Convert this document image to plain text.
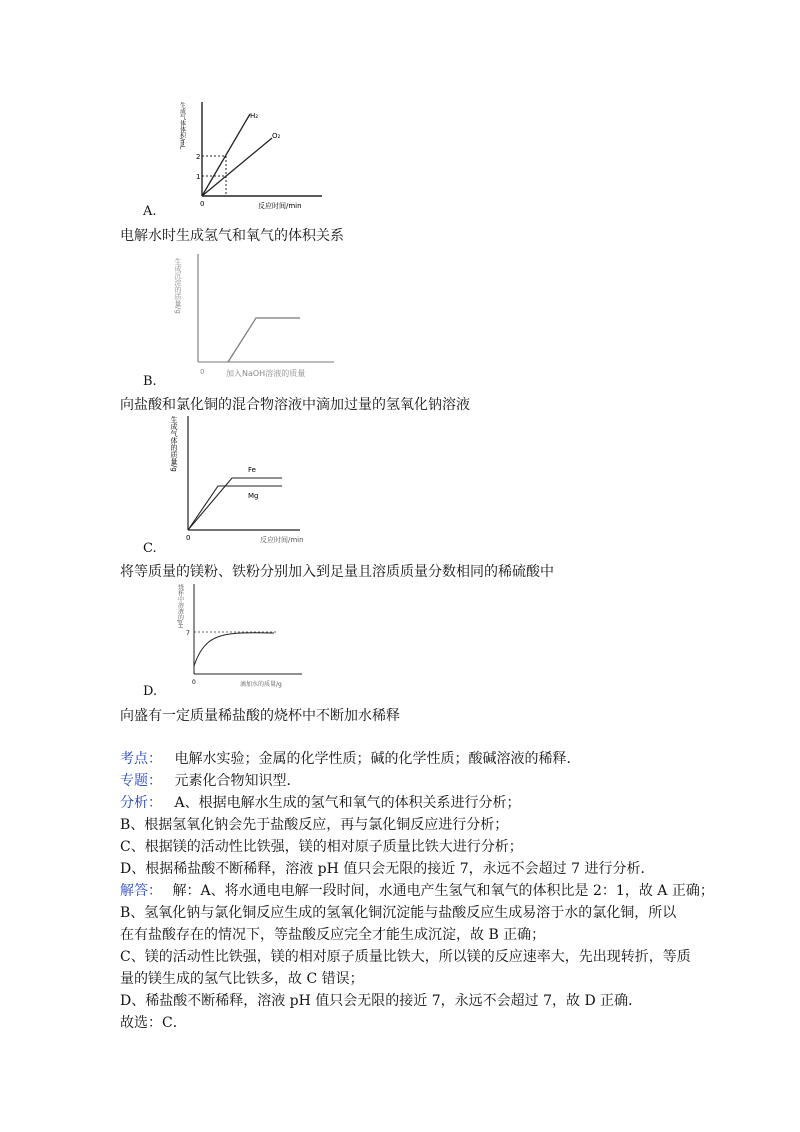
生成气体体积/mL
2
1
H₂
O₂
0	反应时间/min
A.
电解水时生成氢气和氧气的体积关系
生成沉淀的质量/g
0	加入NaOH溶液的质量
B.
向盐酸和氯化铜的混合物溶液中滴加过量的氢氧化钠溶液
生成气体的质量/g	Fe
Mg
0	反应时间/min
C.
将等质量的镁粉、铁粉分别加入到足量且溶质质量分数相同的稀硫酸中
烧杯中溶液的pH
7
0	滴加水的质量/g
D.
向盛有一定质量稀盐酸的烧杯中不断加水稀释
考点： 电解水实验；金属的化学性质；碱的化学性质；酸碱溶液的稀释．
专题： 元素化合物知识型．
分析： A、根据电解水生成的氢气和氧气的体积关系进行分析；
B、根据氢氧化钠会先于盐酸反应，再与氯化铜反应进行分析；
C、根据镁的活动性比铁强，镁的相对原子质量比铁大进行分析；
D、根据稀盐酸不断稀释，溶液 pH 值只会无限的接近 7，永远不会超过 7 进行分析．
解答： 解：A、将水通电电解一段时间，水通电产生氢气和氧气的体积比是 2：1，故 A 正确；
B、氢氧化钠与氯化铜反应生成的氢氧化铜沉淀能与盐酸反应生成易溶于水的氯化铜，所以
在有盐酸存在的情况下，等盐酸反应完全才能生成沉淀，故 B 正确；
C、镁的活动性比铁强，镁的相对原子质量比铁大，所以镁的反应速率大，先出现转折，等质
量的镁生成的氢气比铁多，故 C 错误；
D、稀盐酸不断稀释，溶液 pH 值只会无限的接近 7，永远不会超过 7，故 D 正确．
故选：C．
